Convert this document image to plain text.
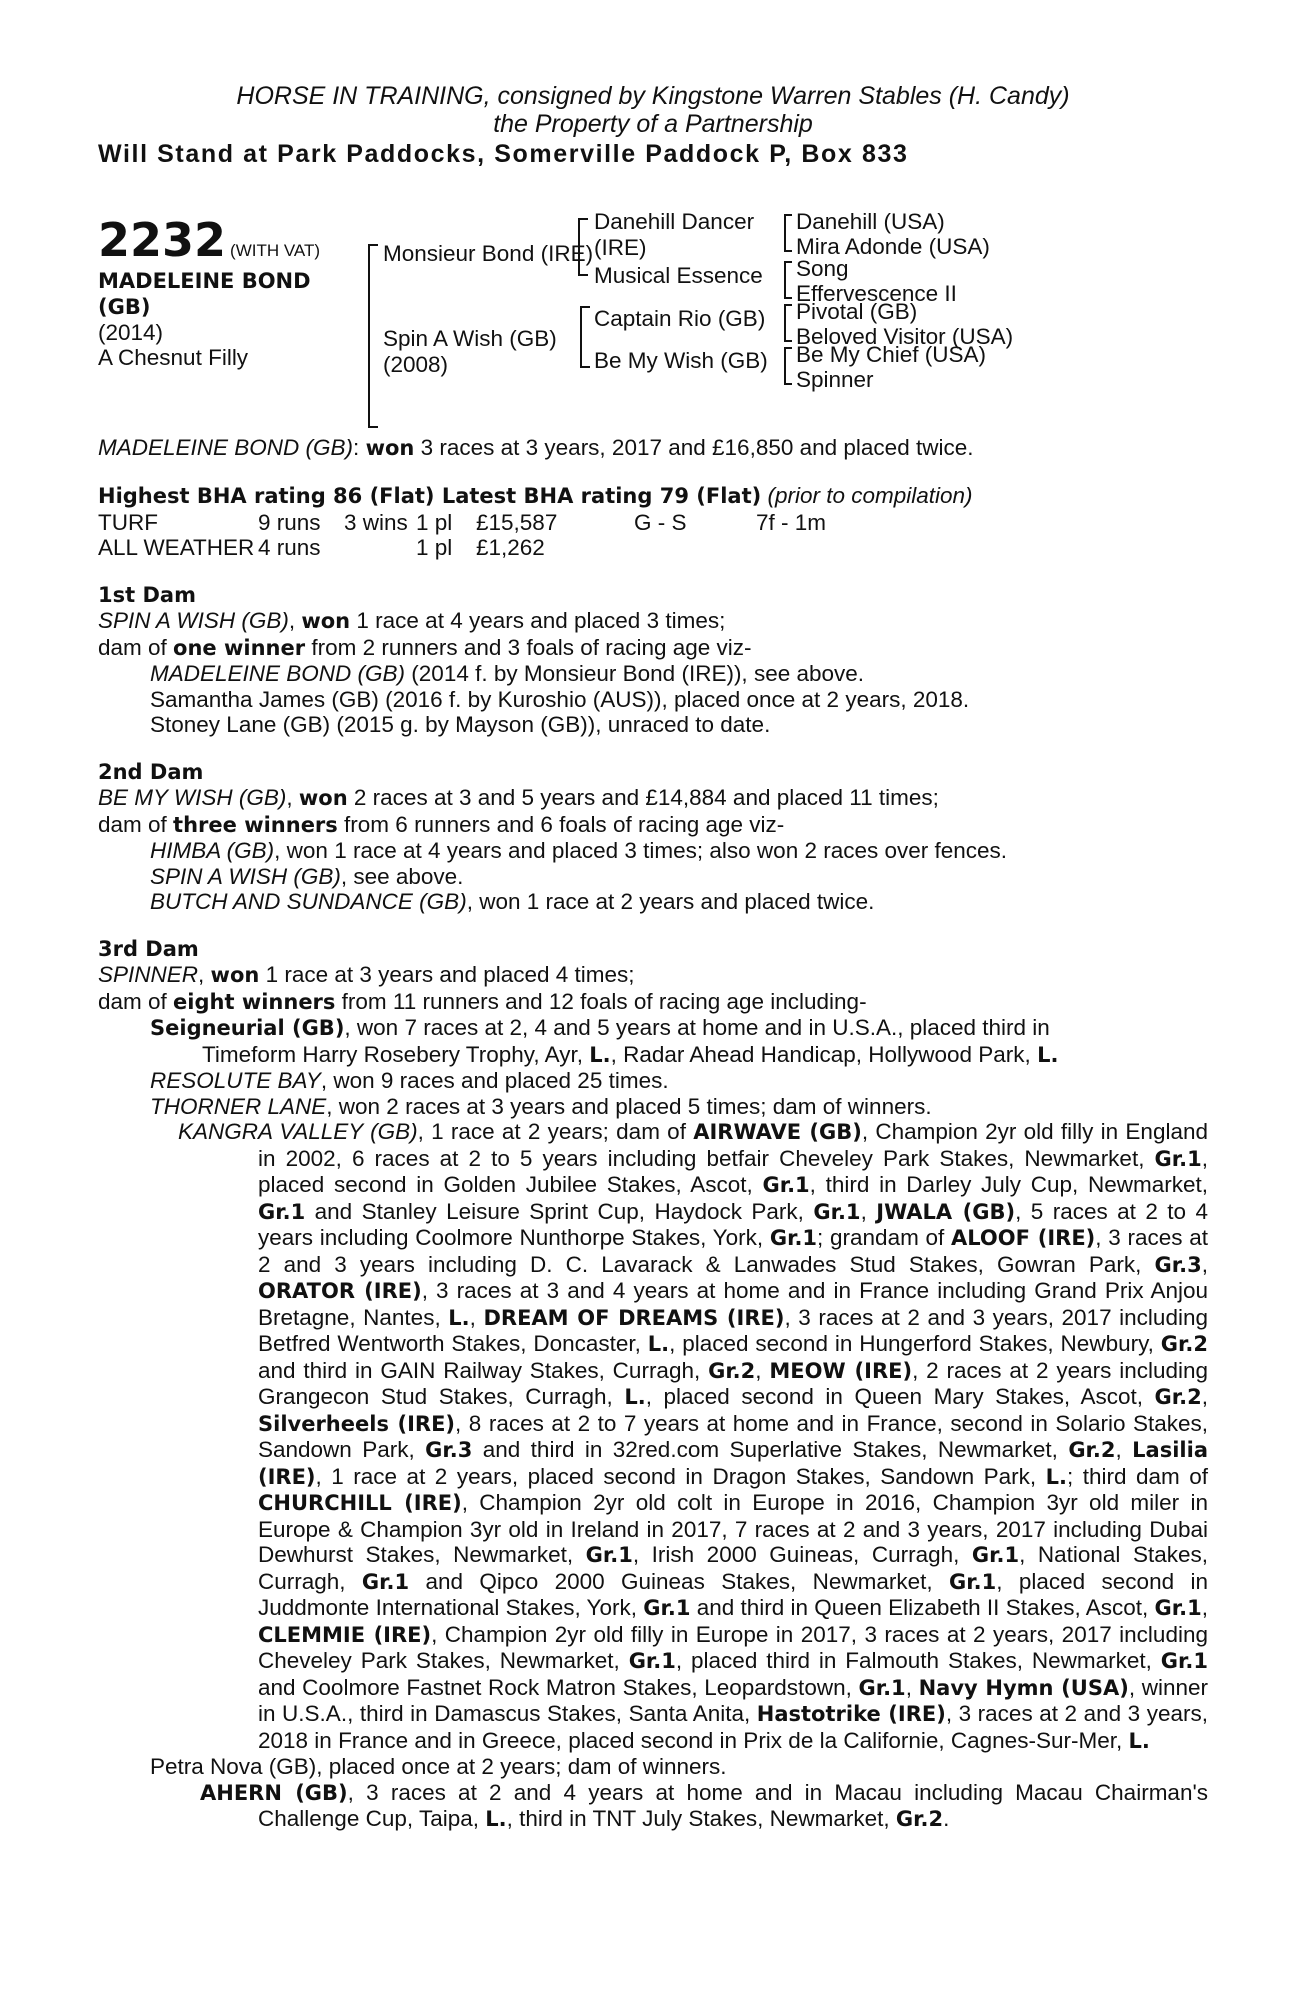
HORSE IN TRAINING, consigned by Kingstone Warren Stables (H. Candy)
the Property of a Partnership
Will Stand at Park Paddocks, Somerville Paddock P, Box 833
2232 (WITH VAT)
MADELEINE BOND
(GB)
(2014)
A Chesnut Filly
Monsieur Bond (IRE)
Spin A Wish (GB)
(2008)
Danehill Dancer
(IRE)
Musical Essence
Captain Rio (GB)
Be My Wish (GB)
Danehill (USA)
Mira Adonde (USA)
Song
Effervescence II
Pivotal (GB)
Beloved Visitor (USA)
Be My Chief (USA)
Spinner
MADELEINE BOND (GB): won 3 races at 3 years, 2017 and £16,850 and placed twice.
Highest BHA rating 86 (Flat) Latest BHA rating 79 (Flat) (prior to compilation)
TURF	9 runs	3 wins 1 pl	£15,587	G - S	7f - 1m
ALL WEATHER 4 runs	1 pl	£1,262
1st Dam
SPIN A WISH (GB), won 1 race at 4 years and placed 3 times;
dam of one winner from 2 runners and 3 foals of racing age viz-
MADELEINE BOND (GB) (2014 f. by Monsieur Bond (IRE)), see above.
Samantha James (GB) (2016 f. by Kuroshio (AUS)), placed once at 2 years, 2018.
Stoney Lane (GB) (2015 g. by Mayson (GB)), unraced to date.
2nd Dam
BE MY WISH (GB), won 2 races at 3 and 5 years and £14,884 and placed 11 times;
dam of three winners from 6 runners and 6 foals of racing age viz-
HIMBA (GB), won 1 race at 4 years and placed 3 times; also won 2 races over fences.
SPIN A WISH (GB), see above.
BUTCH AND SUNDANCE (GB), won 1 race at 2 years and placed twice.
3rd Dam
SPINNER, won 1 race at 3 years and placed 4 times;
dam of eight winners from 11 runners and 12 foals of racing age including-
Seigneurial (GB), won 7 races at 2, 4 and 5 years at home and in U.S.A., placed third in
Timeform Harry Rosebery Trophy, Ayr, L., Radar Ahead Handicap, Hollywood Park, L.
RESOLUTE BAY, won 9 races and placed 25 times.
THORNER LANE, won 2 races at 3 years and placed 5 times; dam of winners.
KANGRA VALLEY (GB), 1 race at 2 years; dam of AIRWAVE (GB), Champion 2yr old filly in England in 2002, 6 races at 2 to 5 years including betfair Cheveley Park Stakes, Newmarket, Gr.1, placed second in Golden Jubilee Stakes, Ascot, Gr.1, third in Darley July Cup, Newmarket, Gr.1 and Stanley Leisure Sprint Cup, Haydock Park, Gr.1, JWALA (GB), 5 races at 2 to 4 years including Coolmore Nunthorpe Stakes, York, Gr.1; grandam of ALOOF (IRE), 3 races at 2 and 3 years including D. C. Lavarack & Lanwades Stud Stakes, Gowran Park, Gr.3, ORATOR (IRE), 3 races at 3 and 4 years at home and in France including Grand Prix Anjou Bretagne, Nantes, L., DREAM OF DREAMS (IRE), 3 races at 2 and 3 years, 2017 including Betfred Wentworth Stakes, Doncaster, L., placed second in Hungerford Stakes, Newbury, Gr.2 and third in GAIN Railway Stakes, Curragh, Gr.2, MEOW (IRE), 2 races at 2 years including Grangecon Stud Stakes, Curragh, L., placed second in Queen Mary Stakes, Ascot, Gr.2, Silverheels (IRE), 8 races at 2 to 7 years at home and in France, second in Solario Stakes, Sandown Park, Gr.3 and third in 32red.com Superlative Stakes, Newmarket, Gr.2, Lasilia (IRE), 1 race at 2 years, placed second in Dragon Stakes, Sandown Park, L.; third dam of CHURCHILL (IRE), Champion 2yr old colt in Europe in 2016, Champion 3yr old miler in Europe & Champion 3yr old in Ireland in 2017, 7 races at 2 and 3 years, 2017 including Dubai Dewhurst Stakes, Newmarket, Gr.1, Irish 2000 Guineas, Curragh, Gr.1, National Stakes, Curragh, Gr.1 and Qipco 2000 Guineas Stakes, Newmarket, Gr.1, placed second in Juddmonte International Stakes, York, Gr.1 and third in Queen Elizabeth II Stakes, Ascot, Gr.1, CLEMMIE (IRE), Champion 2yr old filly in Europe in 2017, 3 races at 2 years, 2017 including Cheveley Park Stakes, Newmarket, Gr.1, placed third in Falmouth Stakes, Newmarket, Gr.1 and Coolmore Fastnet Rock Matron Stakes, Leopardstown, Gr.1, Navy Hymn (USA), winner in U.S.A., third in Damascus Stakes, Santa Anita, Hastotrike (IRE), 3 races at 2 and 3 years, 2018 in France and in Greece, placed second in Prix de la Californie, Cagnes-Sur-Mer, L.
Petra Nova (GB), placed once at 2 years; dam of winners.
AHERN (GB), 3 races at 2 and 4 years at home and in Macau including Macau Chairman's Challenge Cup, Taipa, L., third in TNT July Stakes, Newmarket, Gr.2.
